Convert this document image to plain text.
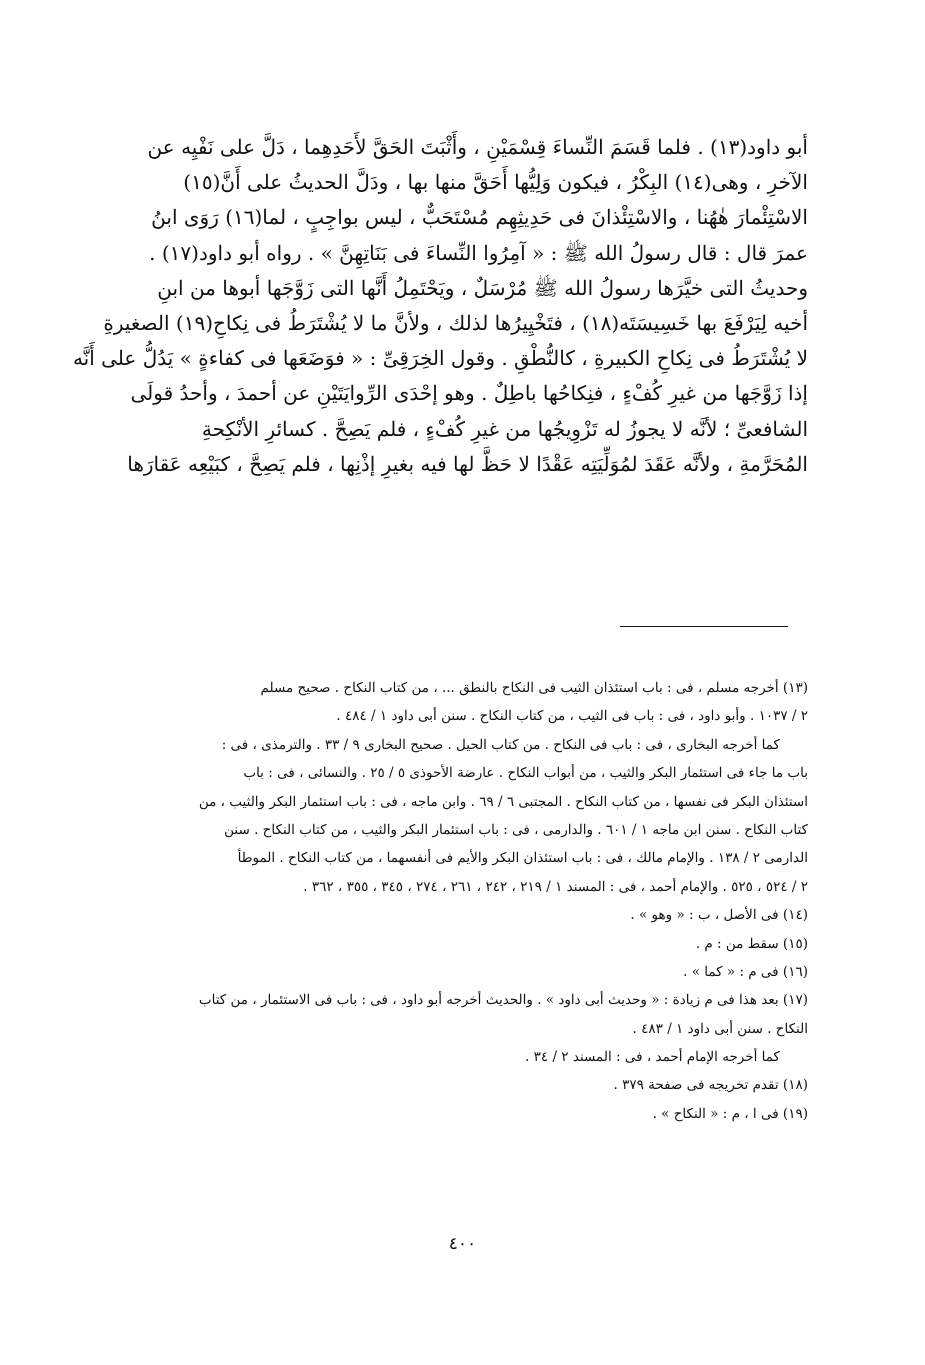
أبو داود(١٣) . فلما قَسَمَ النِّساءَ قِسْمَيْنِ ، وأَثْبَتَ الحَقَّ لأَحَدِهِما ، دَلَّ على نَفْيِه عن
الآخرِ ، وهى(١٤) البِكْرُ ، فيكون وَلِيُّها أَحَقَّ منها بها ، ودَلَّ الحديثُ على أَنَّ(١٥)
الاسْتِئْمارَ هٰهُنا ، والاسْتِئْذانَ فى حَدِيثِهِم مُسْتَحَبٌّ ، ليس بواجِبٍ ، لما(١٦) رَوَى ابنُ
عمرَ قال : قال رسولُ الله ﷺ : « آمِرُوا النِّساءَ فى بَنَاتِهِنَّ » . رواه أبو داود(١٧) .
وحديثُ التى خيَّرَها رسولُ الله ﷺ مُرْسَلٌ ، ويَحْتَمِلُ أَنَّها التى زَوَّجَها أبوها من ابنِ
أخيه لِيَرْفَعَ بها خَسِيسَتَه(١٨) ، فتَخْيِيرُها لذلك ، ولأنَّ ما لا يُشْتَرَطُ فى نِكاحِ(١٩) الصغيرةِ
لا يُشْتَرَطُ فى نِكاحِ الكبيرةِ ، كالنُّطْقِ . وقول الخِرَقِىِّ : « فوَضَعَها فى كفاءةٍ » يَدُلُّ على أَنَّه
إذا زَوَّجَها من غيرِ كُفْءٍ ، فنِكاحُها باطِلٌ . وهو إحْدَى الرِّوايَتَيْنِ عن أحمدَ ، وأحدُ قولَى
الشافعىِّ ؛ لأنَّه لا يجوزُ له تَزْوِيجُها من غيرِ كُفْءٍ ، فلم يَصِحَّ . كسائرِ الأنْكِحةِ
المُحَرَّمةِ ، ولأنَّه عَقَدَ لمُوَلِّيَتِه عَقْدًا لا حَظَّ لها فيه بغيرِ إذْنِها ، فلم يَصِحَّ ، كبَيْعِه عَقارَها
(١٣) أخرجه مسلم ، فى : باب استئذان الثيب فى النكاح بالنطق ... ، من كتاب النكاح . صحيح مسلم
٢ / ١٠٣٧ . وأبو داود ، فى : باب فى الثيب ، من كتاب النكاح . سنن أبى داود ١ / ٤٨٤ .
كما أخرجه البخارى ، فى : باب فى النكاح . من كتاب الحيل . صحيح البخارى ٩ / ٣٣ . والترمذى ، فى :
باب ما جاء فى استئمار البكر والثيب ، من أبواب النكاح . عارضة الأحوذى ٥ / ٢٥ . والنسائى ، فى : باب
استئذان البكر فى نفسها ، من كتاب النكاح . المجتبى ٦ / ٦٩ . وابن ماجه ، فى : باب استئمار البكر والثيب ، من
كتاب النكاح . سنن ابن ماجه ١ / ٦٠١ . والدارمى ، فى : باب استئمار البكر والثيب ، من كتاب النكاح . سنن
الدارمى ٢ / ١٣٨ . والإمام مالك ، فى : باب استئذان البكر والأيم فى أنفسهما ، من كتاب النكاح . الموطأ
٢ / ٥٢٤ ، ٥٢٥ . والإمام أحمد ، فى : المسند ١ / ٢١٩ ، ٢٤٢ ، ٢٦١ ، ٢٧٤ ، ٣٤٥ ، ٣٥٥ ، ٣٦٢ .
(١٤) فى الأصل ، ب : « وهو » .
(١٥) سقط من : م .
(١٦) فى م : « كما » .
(١٧) بعد هذا فى م زيادة : « وحديث أبى داود » . والحديث أخرجه أبو داود ، فى : باب فى الاستئمار ، من كتاب
النكاح . سنن أبى داود ١ / ٤٨٣ .
كما أخرجه الإمام أحمد ، فى : المسند ٢ / ٣٤ .
(١٨) تقدم تخريجه فى صفحة ٣٧٩ .
(١٩) فى ا ، م : « النكاح » .
٤٠٠
